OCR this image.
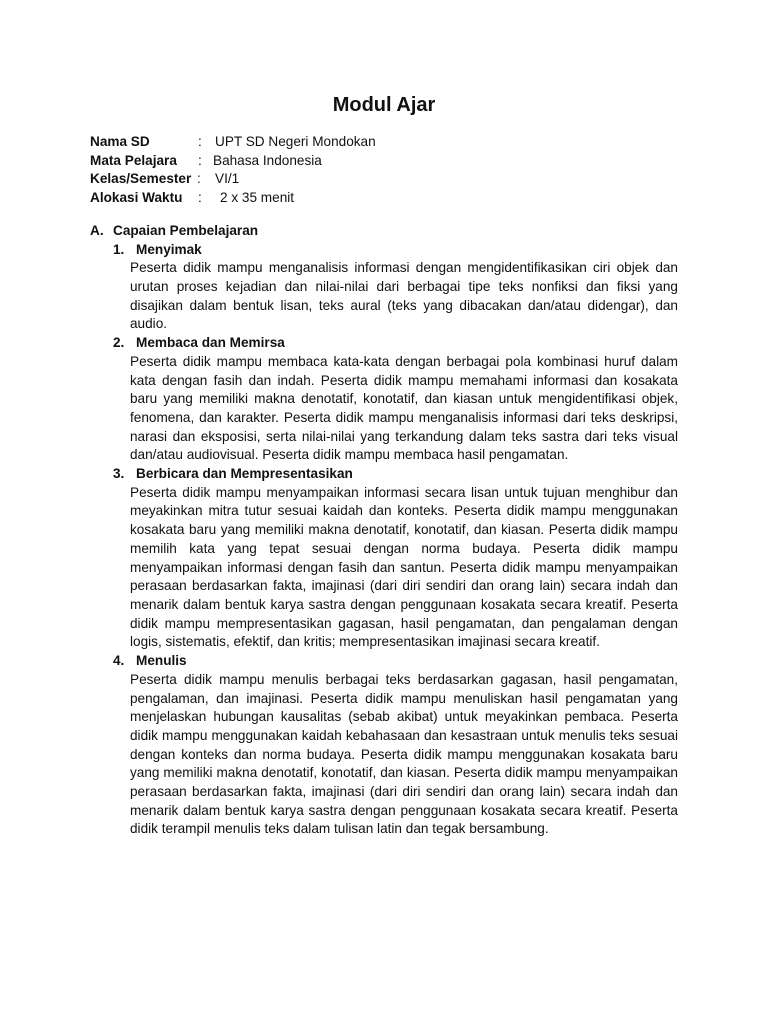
Modul Ajar
Nama SD	: UPT SD Negeri Mondokan
Mata Pelajara : Bahasa Indonesia
Kelas/Semester : VI/1
Alokasi Waktu : 2 x 35 menit
A. Capaian Pembelajaran
1. Menyimak
Peserta didik mampu menganalisis informasi dengan mengidentifikasikan ciri objek dan urutan proses kejadian dan nilai-nilai dari berbagai tipe teks nonfiksi dan fiksi yang disajikan dalam bentuk lisan, teks aural (teks yang dibacakan dan/atau didengar), dan audio.
2. Membaca dan Memirsa
Peserta didik mampu membaca kata-kata dengan berbagai pola kombinasi huruf dalam kata dengan fasih dan indah. Peserta didik mampu memahami informasi dan kosakata baru yang memiliki makna denotatif, konotatif, dan kiasan untuk mengidentifikasi objek, fenomena, dan karakter. Peserta didik mampu menganalisis informasi dari teks deskripsi, narasi dan eksposisi, serta nilai-nilai yang terkandung dalam teks sastra dari teks visual dan/atau audiovisual. Peserta didik mampu membaca hasil pengamatan.
3. Berbicara dan Mempresentasikan
Peserta didik mampu menyampaikan informasi secara lisan untuk tujuan menghibur dan meyakinkan mitra tutur sesuai kaidah dan konteks. Peserta didik mampu menggunakan kosakata baru yang memiliki makna denotatif, konotatif, dan kiasan. Peserta didik mampu memilih kata yang tepat sesuai dengan norma budaya. Peserta didik mampu menyampaikan informasi dengan fasih dan santun. Peserta didik mampu menyampaikan perasaan berdasarkan fakta, imajinasi (dari diri sendiri dan orang lain) secara indah dan menarik dalam bentuk karya sastra dengan penggunaan kosakata secara kreatif. Peserta didik mampu mempresentasikan gagasan, hasil pengamatan, dan pengalaman dengan logis, sistematis, efektif, dan kritis; mempresentasikan imajinasi secara kreatif.
4. Menulis
Peserta didik mampu menulis berbagai teks berdasarkan gagasan, hasil pengamatan, pengalaman, dan imajinasi. Peserta didik mampu menuliskan hasil pengamatan yang menjelaskan hubungan kausalitas (sebab akibat) untuk meyakinkan pembaca. Peserta didik mampu menggunakan kaidah kebahasaan dan kesastraan untuk menulis teks sesuai dengan konteks dan norma budaya. Peserta didik mampu menggunakan kosakata baru yang memiliki makna denotatif, konotatif, dan kiasan. Peserta didik mampu menyampaikan perasaan berdasarkan fakta, imajinasi (dari diri sendiri dan orang lain) secara indah dan menarik dalam bentuk karya sastra dengan penggunaan kosakata secara kreatif. Peserta didik terampil menulis teks dalam tulisan latin dan tegak bersambung.
